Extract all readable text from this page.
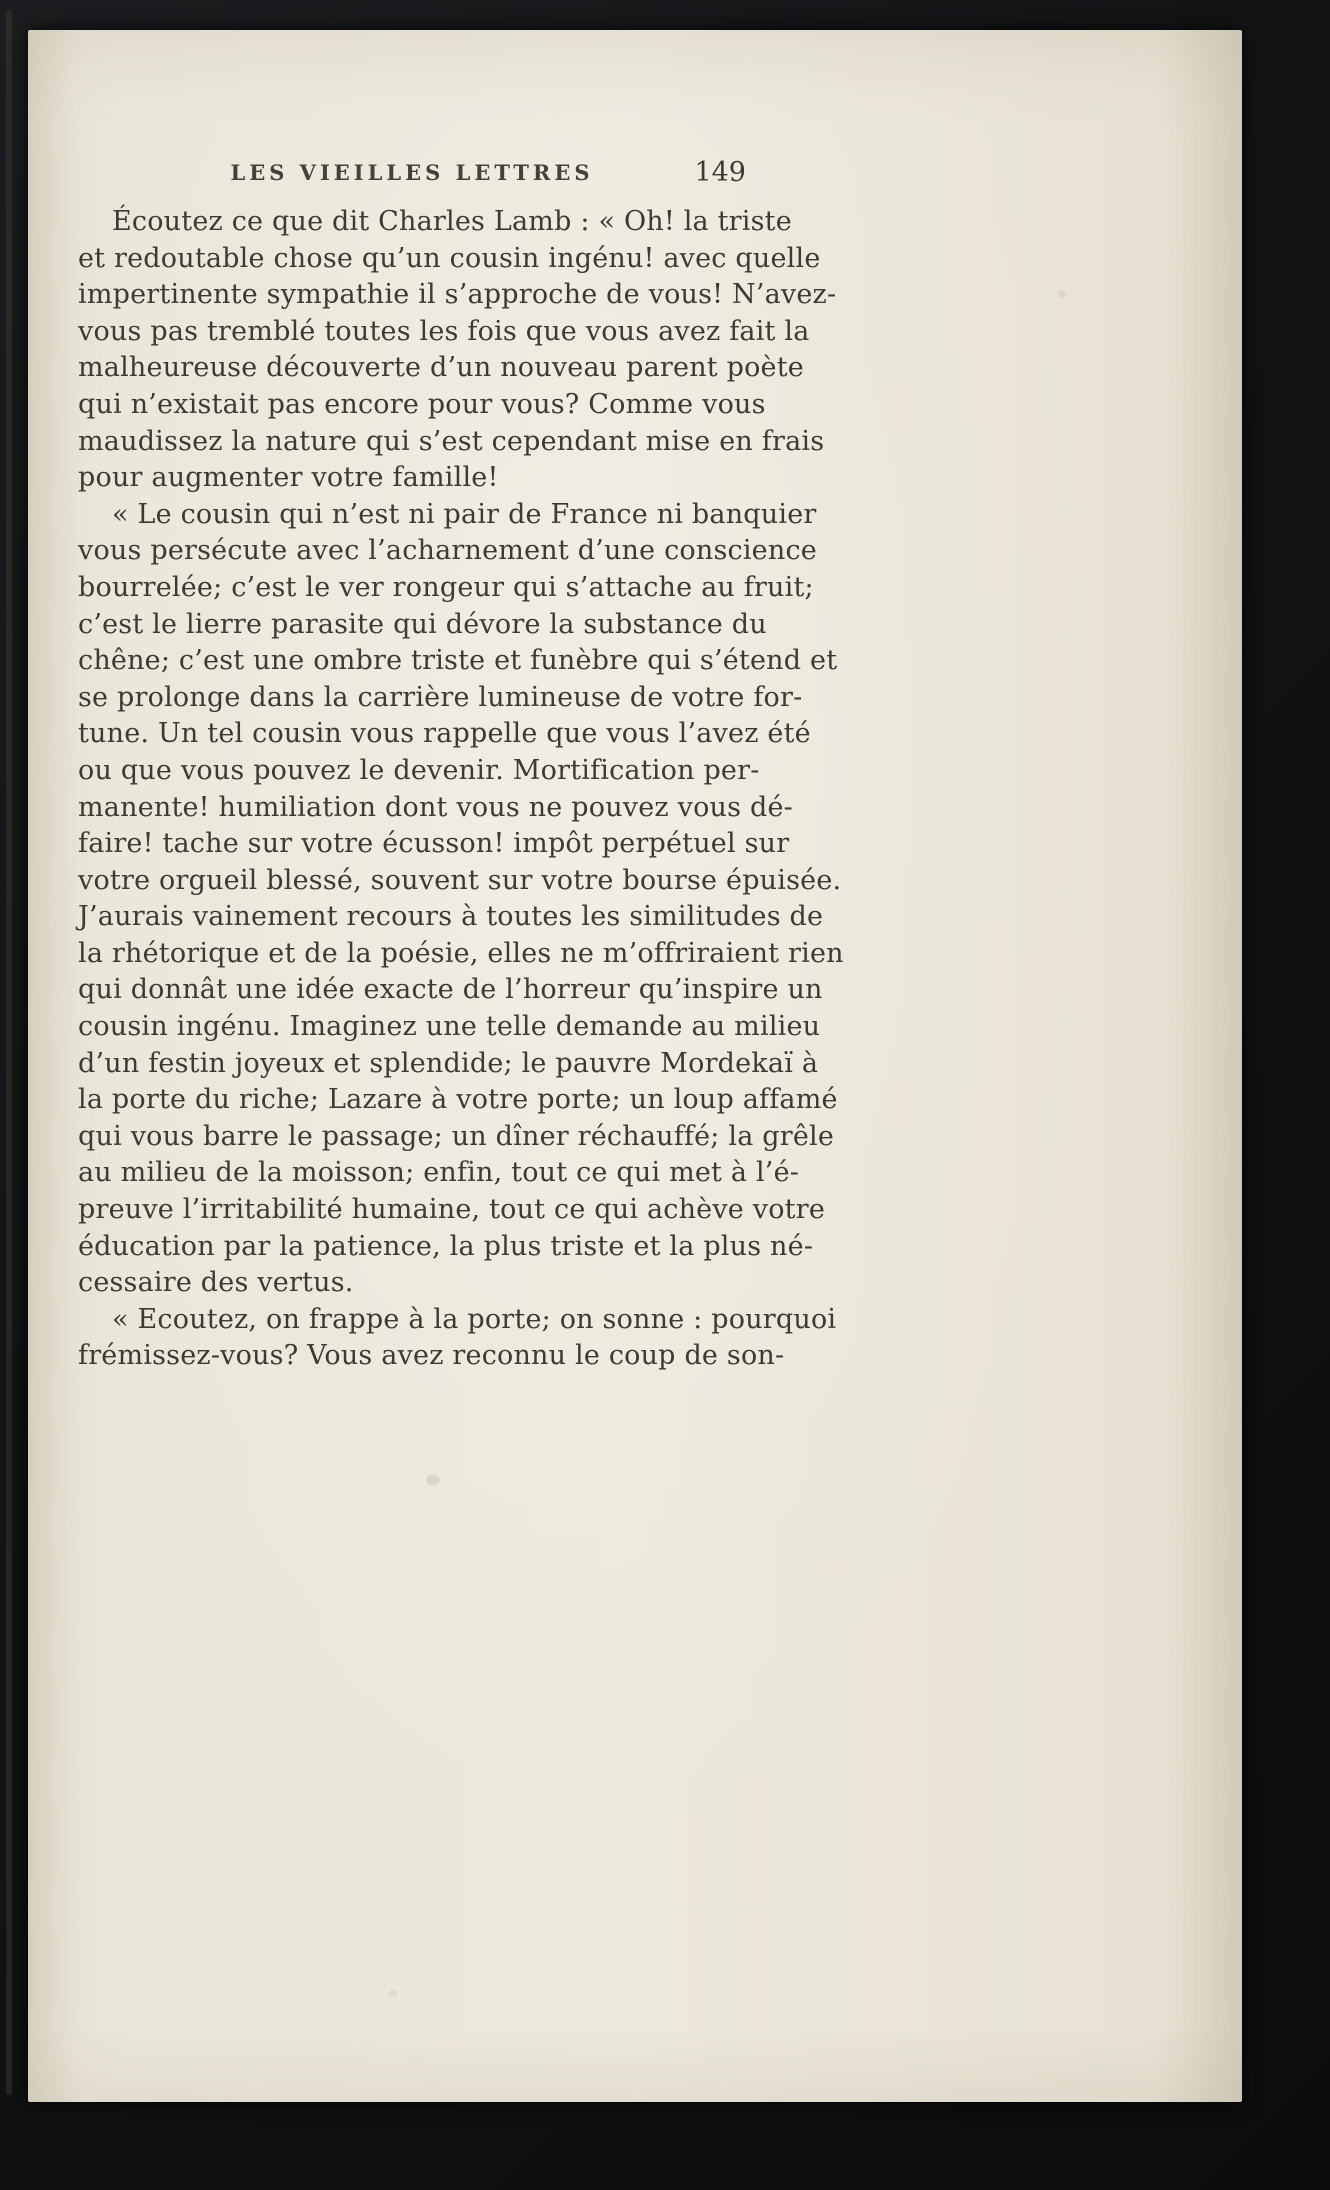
LES VIEILLES LETTRES	149
Écoutez ce que dit Charles Lamb : « Oh! la triste
et redoutable chose qu’un cousin ingénu! avec quelle
impertinente sympathie il s’approche de vous! N’avez-
vous pas tremblé toutes les fois que vous avez fait la
malheureuse découverte d’un nouveau parent poète
qui n’existait pas encore pour vous? Comme vous
maudissez la nature qui s’est cependant mise en frais
pour augmenter votre famille!
« Le cousin qui n’est ni pair de France ni banquier
vous persécute avec l’acharnement d’une conscience
bourrelée; c’est le ver rongeur qui s’attache au fruit;
c’est le lierre parasite qui dévore la substance du
chêne; c’est une ombre triste et funèbre qui s’étend et
se prolonge dans la carrière lumineuse de votre for-
tune. Un tel cousin vous rappelle que vous l’avez été
ou que vous pouvez le devenir. Mortification per-
manente! humiliation dont vous ne pouvez vous dé-
faire! tache sur votre écusson! impôt perpétuel sur
votre orgueil blessé, souvent sur votre bourse épuisée.
J’aurais vainement recours à toutes les similitudes de
la rhétorique et de la poésie, elles ne m’offriraient rien
qui donnât une idée exacte de l’horreur qu’inspire un
cousin ingénu. Imaginez une telle demande au milieu
d’un festin joyeux et splendide; le pauvre Mordekaï à
la porte du riche; Lazare à votre porte; un loup affamé
qui vous barre le passage; un dîner réchauffé; la grêle
au milieu de la moisson; enfin, tout ce qui met à l’é-
preuve l’irritabilité humaine, tout ce qui achève votre
éducation par la patience, la plus triste et la plus né-
cessaire des vertus.
« Ecoutez, on frappe à la porte; on sonne : pourquoi
frémissez-vous? Vous avez reconnu le coup de son-
